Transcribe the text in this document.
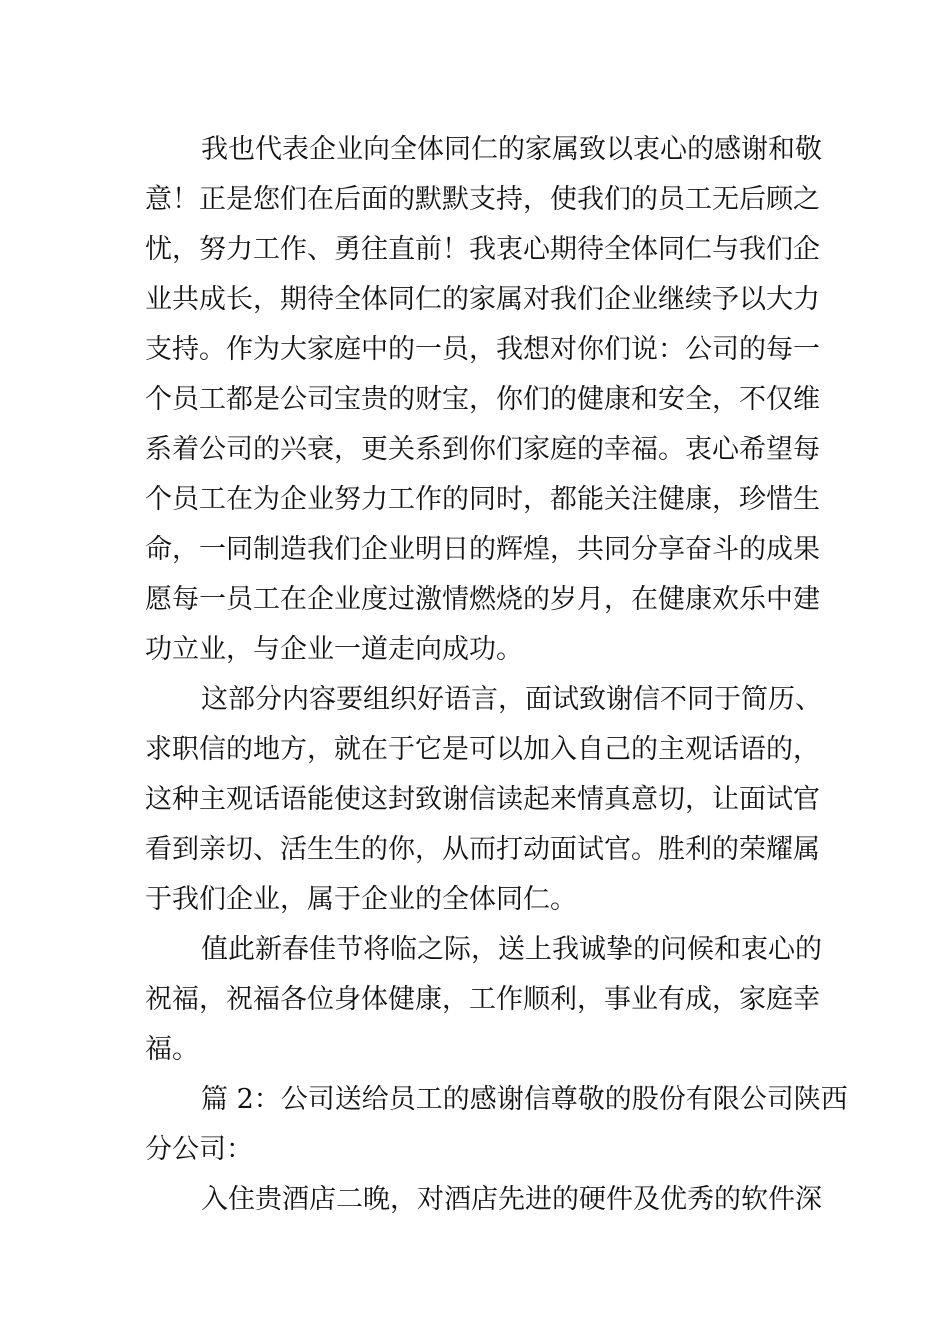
我也代表企业向全体同仁的家属致以衷心的感谢和敬
意！正是您们在后面的默默支持，使我们的员工无后顾之
忧，努力工作、勇往直前！我衷心期待全体同仁与我们企
业共成长，期待全体同仁的家属对我们企业继续予以大力
支持。作为大家庭中的一员，我想对你们说：公司的每一
个员工都是公司宝贵的财宝，你们的健康和安全，不仅维
系着公司的兴衰，更关系到你们家庭的幸福。衷心希望每
个员工在为企业努力工作的同时，都能关注健康，珍惜生
命，一同制造我们企业明日的辉煌，共同分享奋斗的成果
愿每一员工在企业度过激情燃烧的岁月，在健康欢乐中建
功立业，与企业一道走向成功。
这部分内容要组织好语言，面试致谢信不同于简历、
求职信的地方，就在于它是可以加入自己的主观话语的，
这种主观话语能使这封致谢信读起来情真意切，让面试官
看到亲切、活生生的你，从而打动面试官。胜利的荣耀属
于我们企业，属于企业的全体同仁。
值此新春佳节将临之际，送上我诚挚的问候和衷心的
祝福，祝福各位身体健康，工作顺利，事业有成，家庭幸
福。
篇 2：公司送给员工的感谢信尊敬的股份有限公司陕西
分公司：
入住贵酒店二晚，对酒店先进的硬件及优秀的软件深
